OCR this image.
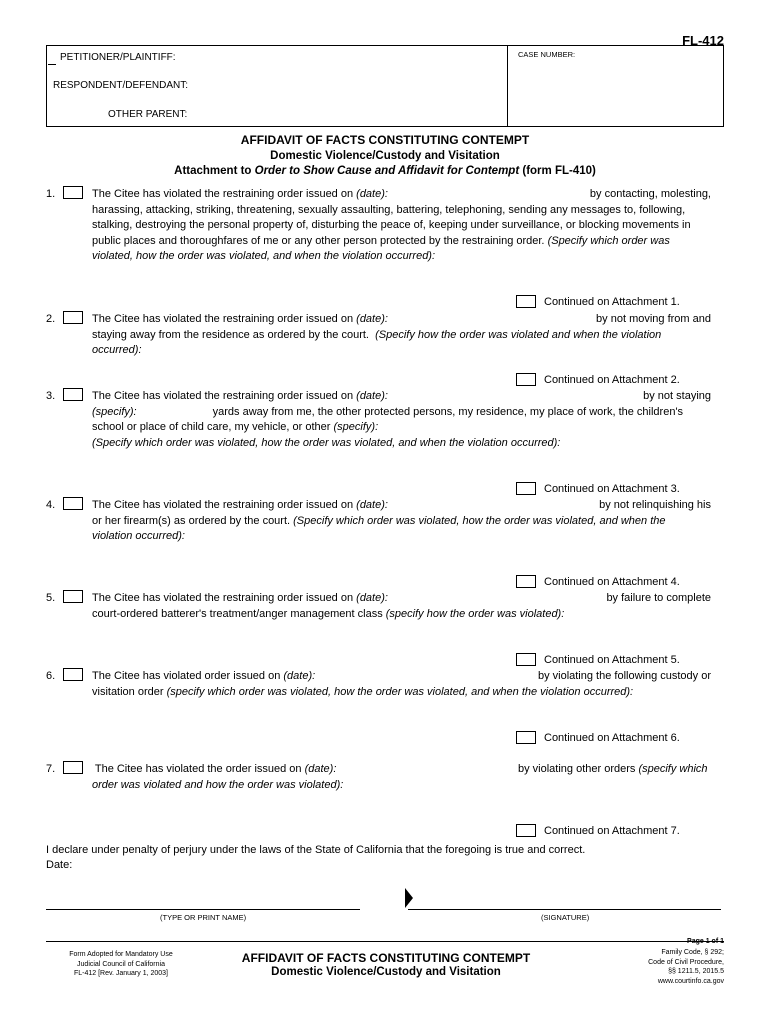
FL-412
PETITIONER/PLAINTIFF:
RESPONDENT/DEFENDANT:
OTHER PARENT:
CASE NUMBER:
AFFIDAVIT OF FACTS CONSTITUTING CONTEMPT
Domestic Violence/Custody and Visitation
Attachment to Order to Show Cause and Affidavit for Contempt (form FL-410)
1.	The Citee has violated the restraining order issued on (date):	by contacting, molesting,
harassing, attacking, striking, threatening, sexually assaulting, battering, telephoning, sending any messages to, following,
stalking, destroying the personal property of, disturbing the peace of, keeping under surveillance, or blocking movements in
public places and thoroughfares of me or any other person protected by the restraining order. (Specify which order was
violated, how the order was violated, and when the violation occurred):
Continued on Attachment 1.
2.	The Citee has violated the restraining order issued on (date):	by not moving from and
staying away from the residence as ordered by the court.  (Specify how the order was violated and when the violation
occurred):
Continued on Attachment 2.
3.	The Citee has violated the restraining order issued on (date):	by not staying
(specify):	yards away from me, the other protected persons, my residence, my place of work, the children's
school or place of child care, my vehicle, or other (specify):
(Specify which order was violated, how the order was violated, and when the violation occurred):
Continued on Attachment 3.
4.	The Citee has violated the restraining order issued on (date):	by not relinquishing his
or her firearm(s) as ordered by the court. (Specify which order was violated, how the order was violated, and when the
violation occurred):
Continued on Attachment 4.
5.	The Citee has violated the restraining order issued on (date):	by failure to complete
court-ordered batterer's treatment/anger management class (specify how the order was violated):
Continued on Attachment 5.
6.	The Citee has violated order issued on (date):	by violating the following custody or
visitation order (specify which order was violated, how the order was violated, and when the violation occurred):
Continued on Attachment 6.
7.	The Citee has violated the order issued on (date):	by violating other orders (specify which
order was violated and how the order was violated):
Continued on Attachment 7.
I declare under penalty of perjury under the laws of the State of California that the foregoing is true and correct.
Date:
(TYPE OR PRINT NAME)	(SIGNATURE)
Form Adopted for Mandatory Use
Judicial Council of California
FL-412 [Rev. January 1, 2003]
AFFIDAVIT OF FACTS CONSTITUTING CONTEMPT
Domestic Violence/Custody and Visitation
Family Code, § 292;
Code of Civil Procedure,
§§ 1211.5, 2015.5
www.courtinfo.ca.gov
